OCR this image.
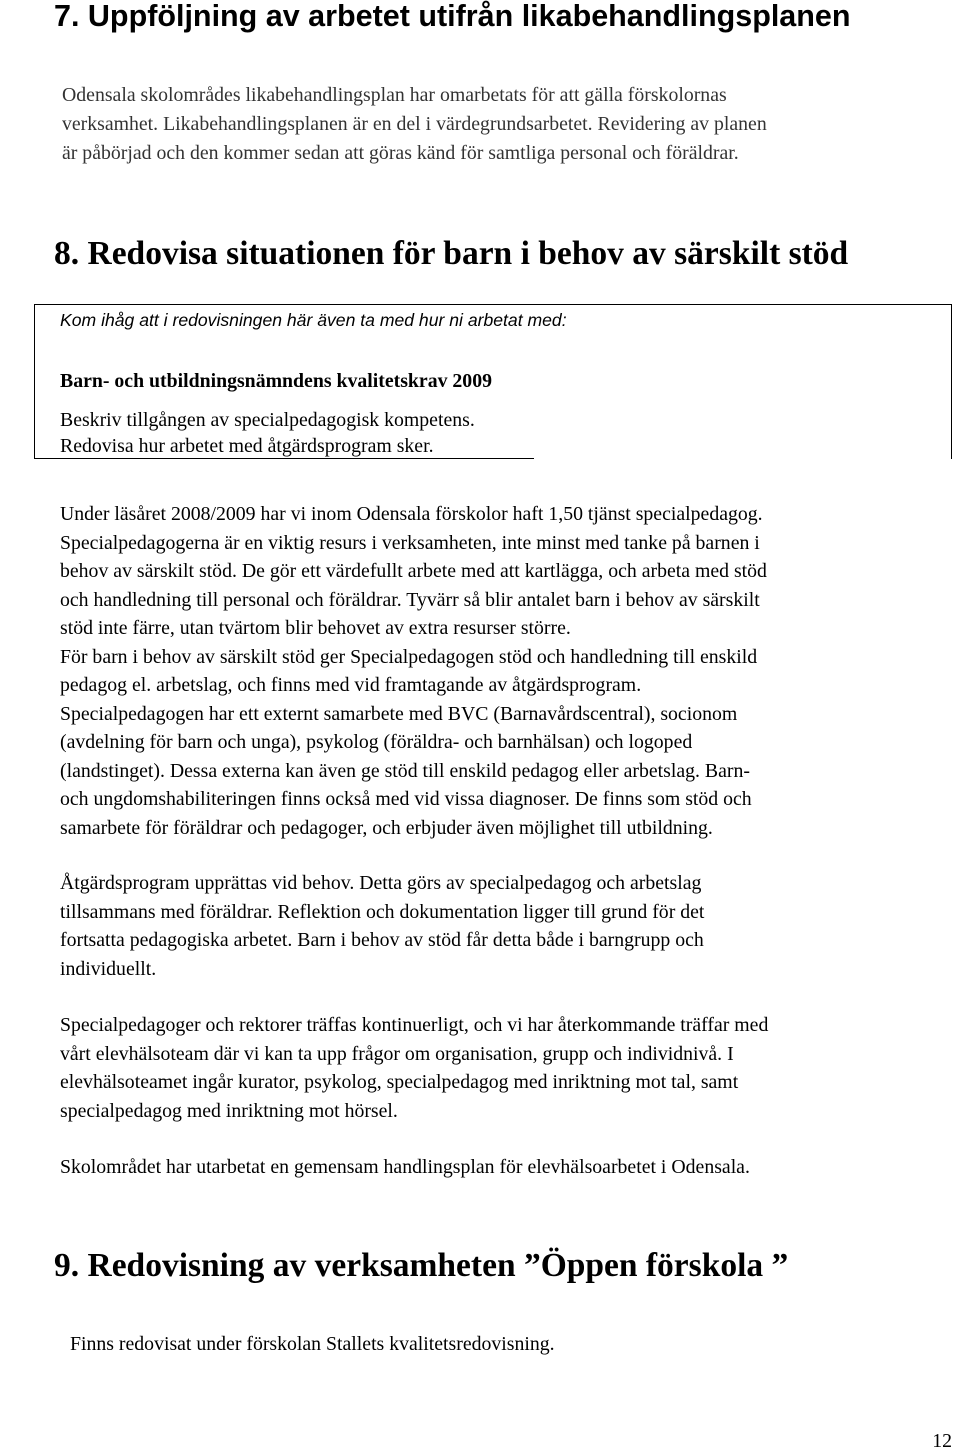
7. Uppföljning av arbetet utifrån likabehandlingsplanen
Odensala skolområdes likabehandlingsplan har omarbetats för att gälla förskolornas
verksamhet. Likabehandlingsplanen är en del i värdegrundsarbetet. Revidering av planen
är påbörjad och den kommer sedan att göras känd för samtliga personal och föräldrar.
8. Redovisa situationen för barn i behov av särskilt stöd

Kom ihåg att i redovisningen här även ta med hur ni arbetat med:

Barn- och utbildningsnämndens kvalitetskrav 2009

Beskriv tillgången av specialpedagogisk kompetens.

Redovisa hur arbetet med åtgärdsprogram sker.

Under läsåret 2008/2009 har vi inom Odensala förskolor haft 1,50 tjänst specialpedagog.
Specialpedagogerna är en viktig resurs i verksamheten, inte minst med tanke på barnen i
behov av särskilt stöd. De gör ett värdefullt arbete med att kartlägga, och arbeta med stöd
och handledning till personal och föräldrar. Tyvärr så blir antalet barn i behov av särskilt
stöd inte färre, utan tvärtom blir behovet av extra resurser större.
För barn i behov av särskilt stöd ger Specialpedagogen stöd och handledning till enskild
pedagog el. arbetslag, och finns med vid framtagande av åtgärdsprogram.
Specialpedagogen har ett externt samarbete med BVC (Barnavårdscentral), socionom
(avdelning för barn och unga), psykolog (föräldra- och barnhälsan) och logoped
(landstinget). Dessa externa kan även ge stöd till enskild pedagog eller arbetslag. Barn-
och ungdomshabiliteringen finns också med vid vissa diagnoser. De finns som stöd och
samarbete för föräldrar och pedagoger, och erbjuder även möjlighet till utbildning.
Åtgärdsprogram upprättas vid behov. Detta görs av specialpedagog och arbetslag
tillsammans med föräldrar. Reflektion och dokumentation ligger till grund för det
fortsatta pedagogiska arbetet. Barn i behov av stöd får detta både i barngrupp och
individuellt.
Specialpedagoger och rektorer träffas kontinuerligt, och vi har återkommande träffar med
vårt elevhälsoteam där vi kan ta upp frågor om organisation, grupp och individnivå. I
elevhälsoteamet ingår kurator, psykolog, specialpedagog med inriktning mot tal, samt
specialpedagog med inriktning mot hörsel.
Skolområdet har utarbetat en gemensam handlingsplan för elevhälsoarbetet i Odensala.
9. Redovisning av verksamheten ”Öppen förskola ”

Finns redovisat under förskolan Stallets kvalitetsredovisning.

12
